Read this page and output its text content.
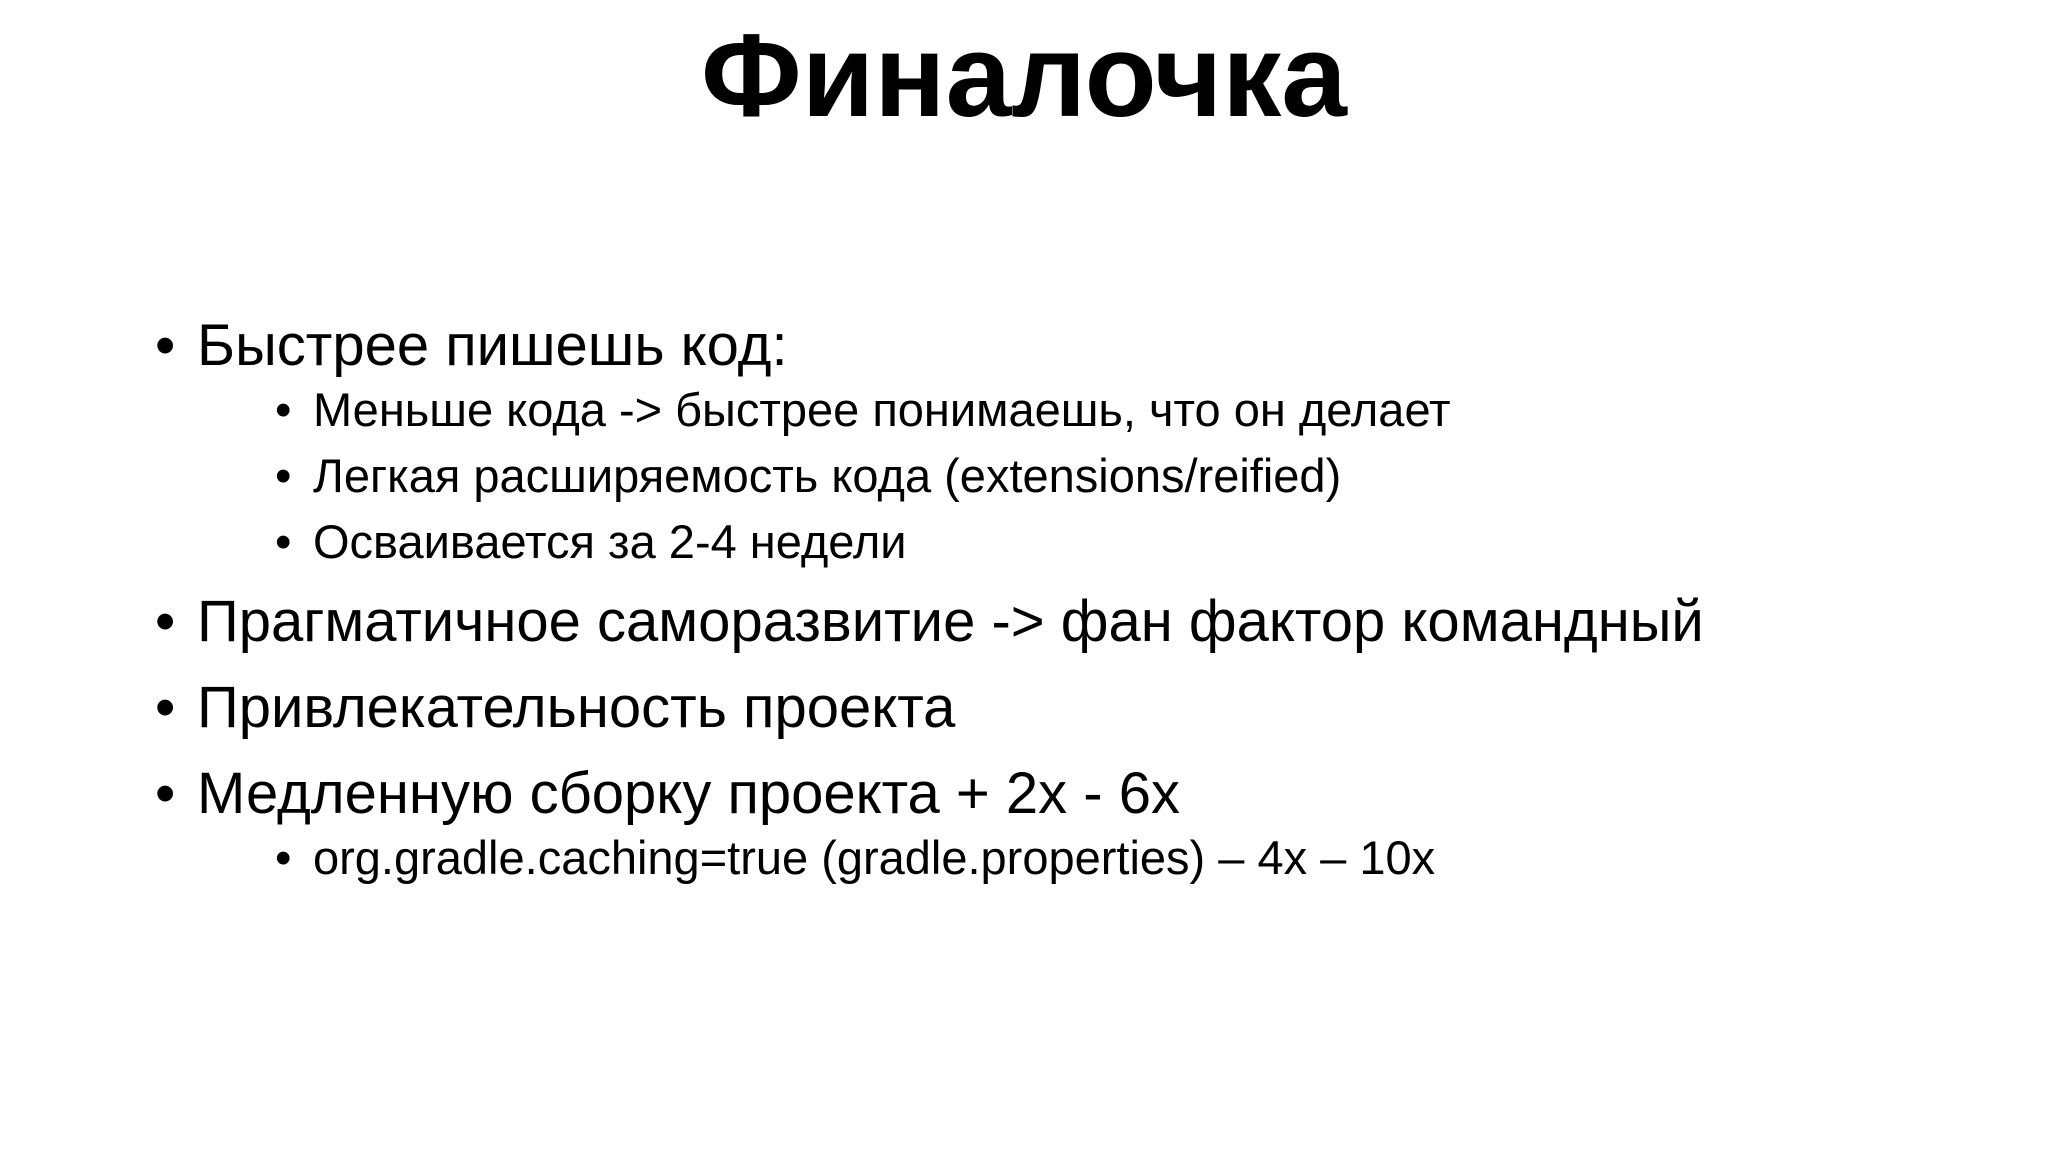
Финалочка
• Быстрее пишешь код:
• Меньше кода -> быстрее понимаешь, что он делает
• Легкая расширяемость кода (extensions/reified)
• Осваивается за 2-4 недели
• Прагматичное саморазвитие -> фан фактор командный
• Привлекательность проекта
• Медленную сборку проекта + 2x - 6x
• org.gradle.caching=true (gradle.properties) – 4x – 10x
